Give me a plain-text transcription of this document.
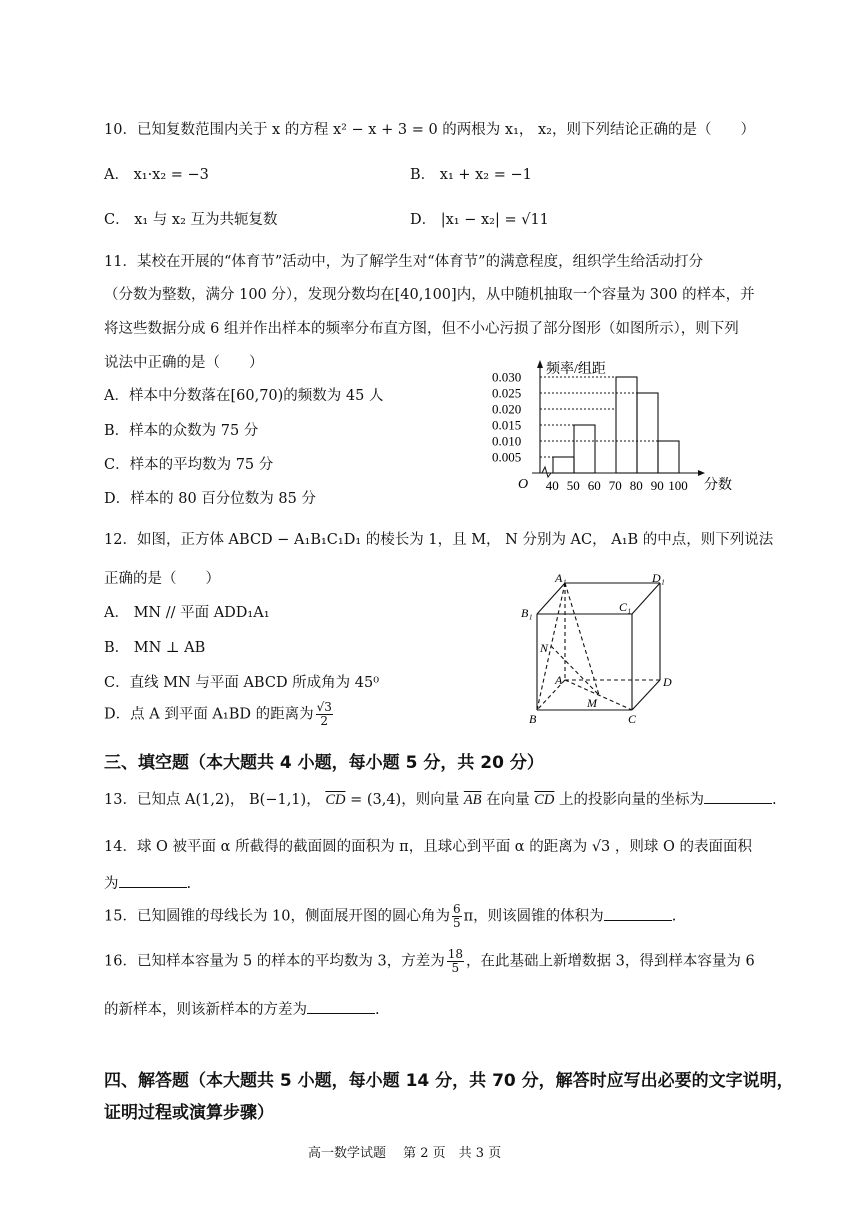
10．已知复数范围内关于 x 的方程 x² − x + 3 = 0 的两根为 x₁， x₂，则下列结论正确的是（　　）
A． x₁·x₂ = −3	B． x₁ + x₂ = −1
C． x₁ 与 x₂ 互为共轭复数	D． |x₁ − x₂| = √11
11．某校在开展的“体育节”活动中，为了解学生对“体育节”的满意程度，组织学生给活动打分
（分数为整数，满分 100 分），发现分数均在[40,100]内，从中随机抽取一个容量为 300 的样本，并
将这些数据分成 6 组并作出样本的频率分布直方图，但不小心污损了部分图形（如图所示），则下列
说法中正确的是（　　）
A．样本中分数落在[60,70)的频数为 45 人
B．样本的众数为 75 分
C．样本的平均数为 75 分
D．样本的 80 百分位数为 85 分
频率/组距
分数
O
0.005
0.010
0.015
0.020
0.025
0.030
40 50 60 70 80 90 100
12．如图，正方体 ABCD − A₁B₁C₁D₁ 的棱长为 1，且 M， N 分别为 AC， A₁B 的中点，则下列说法
正确的是（　　）
A． MN // 平面 ADD₁A₁
B． MN ⊥ AB
C．直线 MN 与平面 ABCD 所成角为 45⁰
D．点 A 到平面 A₁BD 的距离为 $\frac{√3}{2}$
A₁	D₁
B₁	C₁
N
A	D
B
M
C
三、填空题（本大题共 4 小题，每小题 5 分，共 20 分）
13．已知点 A(1,2)， B(−1,1)， $\overline{CD} = (3,4)$，则向量 $\overline{AB}$ 在向量 $\overline{CD}$ 上的投影向量的坐标为	.
14．球 O 被平面 α 所截得的截面圆的面积为 π，且球心到平面 α 的距离为 √3 ，则球 O 的表面面积
为	.
15．已知圆锥的母线长为 10，侧面展开图的圆心角为 $\frac{6}{5}$ π，则该圆锥的体积为	.
16．已知样本容量为 5 的样本的平均数为 3，方差为 $\frac{18}{5}$ ，在此基础上新增数据 3，得到样本容量为 6
的新样本，则该新样本的方差为	.
四、解答题（本大题共 5 小题，每小题 14 分，共 70 分，解答时应写出必要的文字说明，
证明过程或演算步骤）
高一数学试题　 第 2 页　共 3 页
